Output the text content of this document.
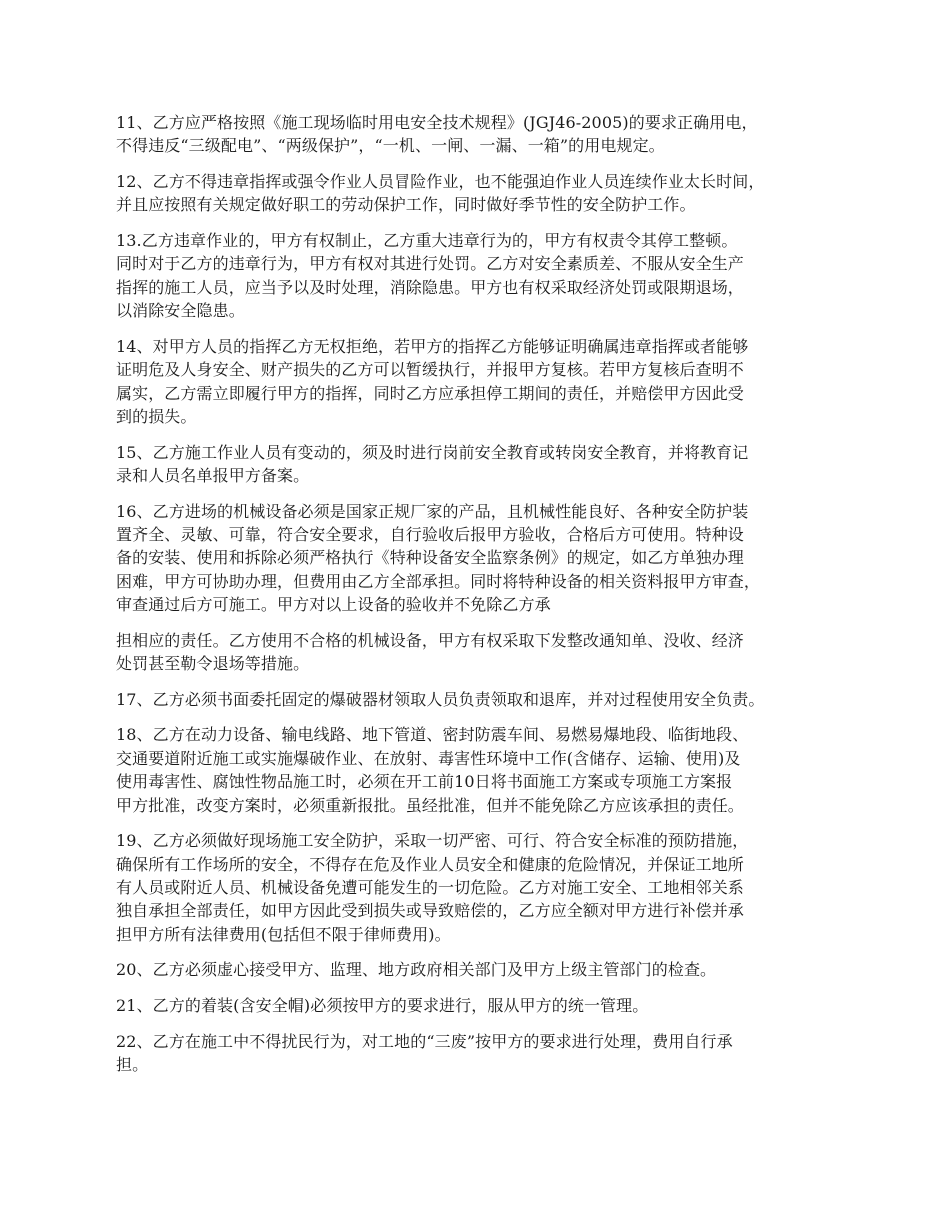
11、乙方应严格按照《施工现场临时用电安全技术规程》(JGJ46-2005)的要求正确用电，
不得违反“三级配电”、“两级保护”，“一机、一闸、一漏、一箱”的用电规定。

12、乙方不得违章指挥或强令作业人员冒险作业，也不能强迫作业人员连续作业太长时间，
并且应按照有关规定做好职工的劳动保护工作，同时做好季节性的安全防护工作。

13.乙方违章作业的，甲方有权制止，乙方重大违章行为的，甲方有权责令其停工整顿。
同时对于乙方的违章行为，甲方有权对其进行处罚。乙方对安全素质差、不服从安全生产
指挥的施工人员，应当予以及时处理，消除隐患。甲方也有权采取经济处罚或限期退场，
以消除安全隐患。

14、对甲方人员的指挥乙方无权拒绝，若甲方的指挥乙方能够证明确属违章指挥或者能够
证明危及人身安全、财产损失的乙方可以暂缓执行，并报甲方复核。若甲方复核后查明不
属实，乙方需立即履行甲方的指挥，同时乙方应承担停工期间的责任，并赔偿甲方因此受
到的损失。

15、乙方施工作业人员有变动的，须及时进行岗前安全教育或转岗安全教育，并将教育记
录和人员名单报甲方备案。

16、乙方进场的机械设备必须是国家正规厂家的产品，且机械性能良好、各种安全防护装
置齐全、灵敏、可靠，符合安全要求，自行验收后报甲方验收，合格后方可使用。特种设
备的安装、使用和拆除必须严格执行《特种设备安全监察条例》的规定，如乙方单独办理
困难，甲方可协助办理，但费用由乙方全部承担。同时将特种设备的相关资料报甲方审查，
审查通过后方可施工。甲方对以上设备的验收并不免除乙方承

担相应的责任。乙方使用不合格的机械设备，甲方有权采取下发整改通知单、没收、经济
处罚甚至勒令退场等措施。

17、乙方必须书面委托固定的爆破器材领取人员负责领取和退库，并对过程使用安全负责。

18、乙方在动力设备、输电线路、地下管道、密封防震车间、易燃易爆地段、临街地段、
交通要道附近施工或实施爆破作业、在放射、毒害性环境中工作(含储存、运输、使用)及
使用毒害性、腐蚀性物品施工时，必须在开工前10日将书面施工方案或专项施工方案报
甲方批准，改变方案时，必须重新报批。虽经批准，但并不能免除乙方应该承担的责任。

19、乙方必须做好现场施工安全防护，采取一切严密、可行、符合安全标准的预防措施，
确保所有工作场所的安全，不得存在危及作业人员安全和健康的危险情况，并保证工地所
有人员或附近人员、机械设备免遭可能发生的一切危险。乙方对施工安全、工地相邻关系
独自承担全部责任，如甲方因此受到损失或导致赔偿的，乙方应全额对甲方进行补偿并承
担甲方所有法律费用(包括但不限于律师费用)。

20、乙方必须虚心接受甲方、监理、地方政府相关部门及甲方上级主管部门的检查。

21、乙方的着装(含安全帽)必须按甲方的要求进行，服从甲方的统一管理。

22、乙方在施工中不得扰民行为，对工地的“三废”按甲方的要求进行处理，费用自行承
担。
